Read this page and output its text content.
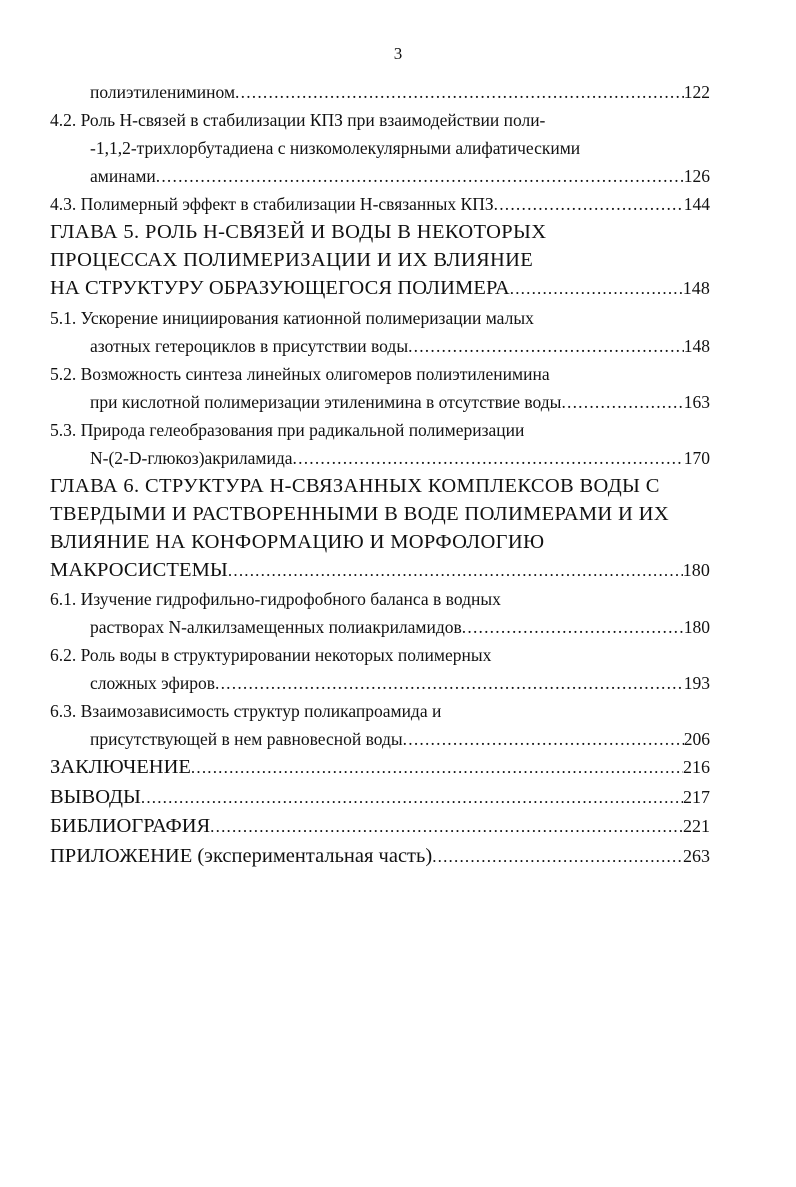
3
полиэтиленимином .....	122
4.2. Роль Н-связей в стабилизации КПЗ при взаимодействии поли-
-1,1,2-трихлорбутадиена с низкомолекулярными алифатическими
аминами .....	126
4.3. Полимерный эффект в стабилизации Н-связанных КПЗ .....	144
ГЛАВА 5. РОЛЬ Н-СВЯЗЕЙ И ВОДЫ В НЕКОТОРЫХ
ПРОЦЕССАХ ПОЛИМЕРИЗАЦИИ И ИХ ВЛИЯНИЕ
НА СТРУКТУРУ ОБРАЗУЮЩЕГОСЯ ПОЛИМЕРА .....	148
5.1. Ускорение инициирования катионной полимеризации малых
азотных гетероциклов в присутствии воды .....	148
5.2. Возможность синтеза линейных олигомеров полиэтиленимина
при кислотной полимеризации этиленимина в отсутствие воды .....	163
5.3. Природа гелеобразования при радикальной полимеризации
N-(2-D-глюкоз)акриламида .....	170
ГЛАВА 6. СТРУКТУРА Н-СВЯЗАННЫХ КОМПЛЕКСОВ ВОДЫ С
ТВЕРДЫМИ И РАСТВОРЕННЫМИ В ВОДЕ ПОЛИМЕРАМИ И ИХ
ВЛИЯНИЕ НА КОНФОРМАЦИЮ И МОРФОЛОГИЮ
МАКРОСИСТЕМЫ .....	180
6.1. Изучение гидрофильно-гидрофобного баланса в водных
растворах N-алкилзамещенных полиакриламидов .....	180
6.2. Роль воды в структурировании некоторых полимерных
сложных эфиров .....	193
6.3. Взаимозависимость структур поликапроамида и
присутствующей в нем равновесной воды .....	206
ЗАКЛЮЧЕНИЕ .....	216
ВЫВОДЫ .....	217
БИБЛИОГРАФИЯ .....	221
ПРИЛОЖЕНИЕ (экспериментальная часть) .....	263
